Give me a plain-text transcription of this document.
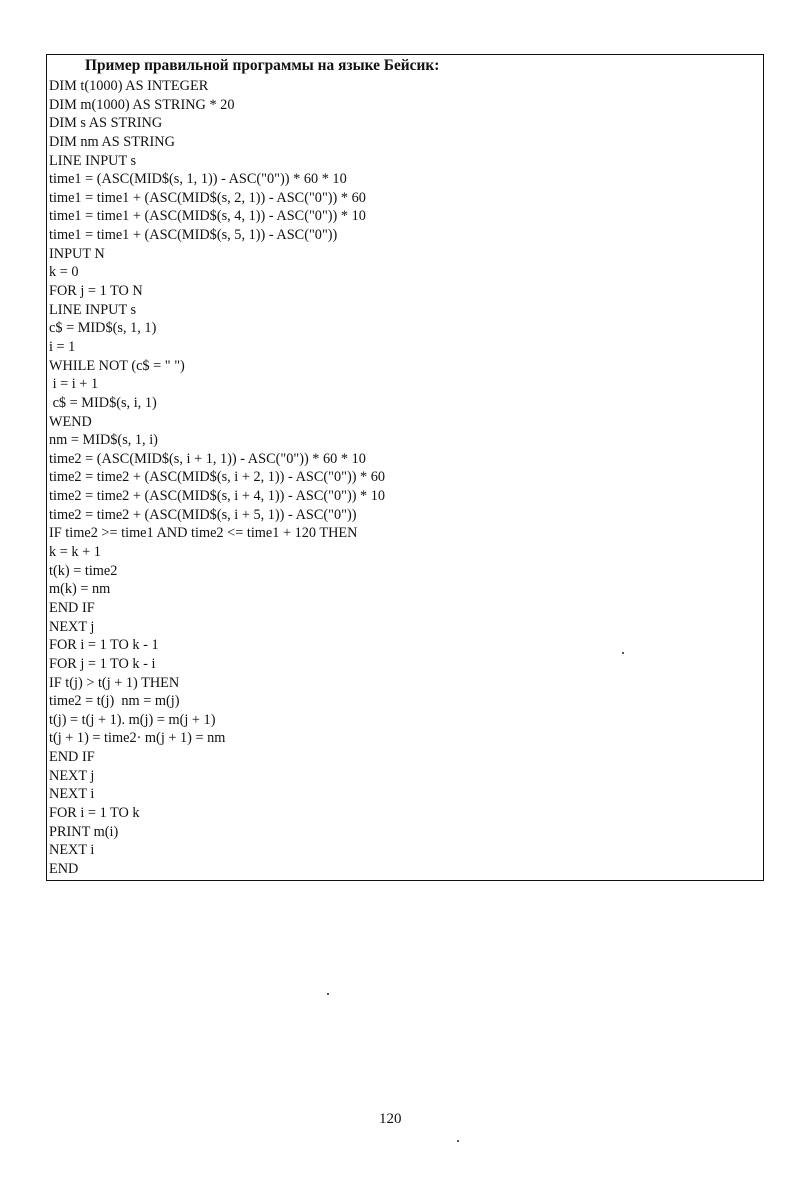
Пример правильной программы на языке Бейсик:
DIM t(1000) AS INTEGER
DIM m(1000) AS STRING * 20
DIM s AS STRING
DIM nm AS STRING
LINE INPUT s
time1 = (ASC(MID$(s, 1, 1)) - ASC("0")) * 60 * 10
time1 = time1 + (ASC(MID$(s, 2, 1)) - ASC("0")) * 60
time1 = time1 + (ASC(MID$(s, 4, 1)) - ASC("0")) * 10
time1 = time1 + (ASC(MID$(s, 5, 1)) - ASC("0"))
INPUT N
k = 0
FOR j = 1 TO N
LINE INPUT s
c$ = MID$(s, 1, 1)
i = 1
WHILE NOT (c$ = " ")
i = i + 1
c$ = MID$(s, i, 1)
WEND
nm = MID$(s, 1, i)
time2 = (ASC(MID$(s, i + 1, 1)) - ASC("0")) * 60 * 10
time2 = time2 + (ASC(MID$(s, i + 2, 1)) - ASC("0")) * 60
time2 = time2 + (ASC(MID$(s, i + 4, 1)) - ASC("0")) * 10
time2 = time2 + (ASC(MID$(s, i + 5, 1)) - ASC("0"))
IF time2 >= time1 AND time2 <= time1 + 120 THEN
k = k + 1
t(k) = time2
m(k) = nm
END IF
NEXT j
FOR i = 1 TO k - 1
FOR j = 1 TO k - i
IF t(j) > t(j + 1) THEN
time2 = t(j)  nm = m(j)
t(j) = t(j + 1). m(j) = m(j + 1)
t(j + 1) = time2· m(j + 1) = nm
END IF
NEXT j
NEXT i
FOR i = 1 TO k
PRINT m(i)
NEXT i
END
120
